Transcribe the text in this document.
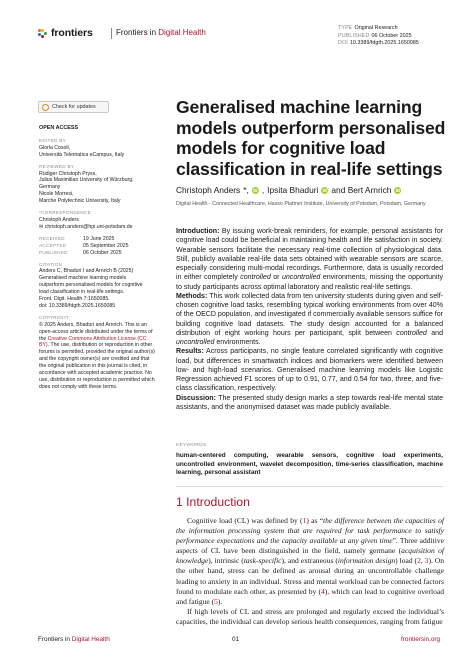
frontiers	Frontiers in Digital Health	TYPE Original Research
PUBLISHED 06 October 2025
DOI 10.3389/fdgth.2025.1650085
Check for updates
OPEN ACCESS
EDITED BY
Gloria Cosoli,
Università Telematica eCampus, Italy
REVIEWED BY
Rüdiger Christoph Pryss,
Julius Maximilian University of Würzburg,
Germany
Nicole Morresi,
Marche Polytechnic University, Italy
*CORRESPONDENCE
Christoph Anders
✉ christoph.anders@hpi.uni-potsdam.de
RECEIVED	19 June 2025
ACCEPTED	05 September 2025
PUBLISHED	06 October 2025
CITATION
Anders C, Bhaduri I and Arnrich B (2025)
Generalised machine learning models
outperform personalised models for cognitive
load classification in real-life settings.
Front. Digit. Health 7:1650085.
doi: 10.3389/fdgth.2025.1650085
COPYRIGHT
© 2025 Anders, Bhaduri and Arnrich. This is an open-access article distributed under the terms of the Creative Commons Attribution License (CC BY). The use, distribution or reproduction in other forums is permitted, provided the original author(s) and the copyright owner(s) are credited and that the original publication in this journal is cited, in accordance with accepted academic practice. No use, distribution or reproduction is permitted which does not comply with these terms.
Generalised machine learning models outperform personalised models for cognitive load classification in real-life settings
Christoph Anders *, iD , Ipsita Bhaduri iD and Bert Arnrich iD
Digital Health - Connected Healthcare, Hasso Plattner Institute, University of Potsdam, Potsdam, Germany

Introduction: By issuing work-break reminders, for example, personal assistants for cognitive load could be beneficial in maintaining health and life satisfaction in society. Wearable sensors facilitate the necessary real-time collection of physiological data. Still, publicly available real-life data sets obtained with wearable sensors are scarce, especially considering multi-modal recordings. Furthermore, data is usually recorded in either completely controlled or uncontrolled environments, missing the opportunity to study participants across optimal laboratory and realistic real-life settings.

Methods: This work collected data from ten university students during given and self-chosen cognitive load tasks, resembling typical working environments from over 40% of the OECD population, and investigated if commercially available sensors suffice for building cognitive load datasets. The study design accounted for a balanced distribution of eight working hours per participant, split between controlled and uncontrolled environments.

Results: Across participants, no single feature correlated significantly with cognitive load, but differences in smartwatch indices and biomarkers were identified between low- and high-load scenarios. Generalised machine learning models like Logistic Regression achieved F1 scores of up to 0.91, 0.77, and 0.54 for two, three, and five-class classification, respectively.

Discussion: The presented study design marks a step towards real-life mental state assistants, and the anonymised dataset was made publicly available.

KEYWORDS
human-centered computing, wearable sensors, cognitive load experiments, uncontrolled environment, wavelet decomposition, time-series classification, machine learning, personal assistant
1 Introduction

Cognitive load (CL) was defined by (1) as “the difference between the capacities of the information processing system that are required for task performance to satisfy performance expectations and the capacity available at any given time”. Three additive aspects of CL have been distinguished in the field, namely germane (acquisition of knowledge), intrinsic (task-specific), and extraneous (information design) load (2, 3). On the other hand, stress can be defined as arousal during an uncontrollable challenge leading to anxiety in an individual. Stress and mental workload can be connected factors found to modulate each other, as presented by (4), which can lead to cognitive overload and fatigue (5).

If high levels of CL and stress are prolonged and regularly exceed the individual’s capacities, the individual can develop serious health consequences, ranging from fatigue

Frontiers in Digital Health	01	frontiersin.org
